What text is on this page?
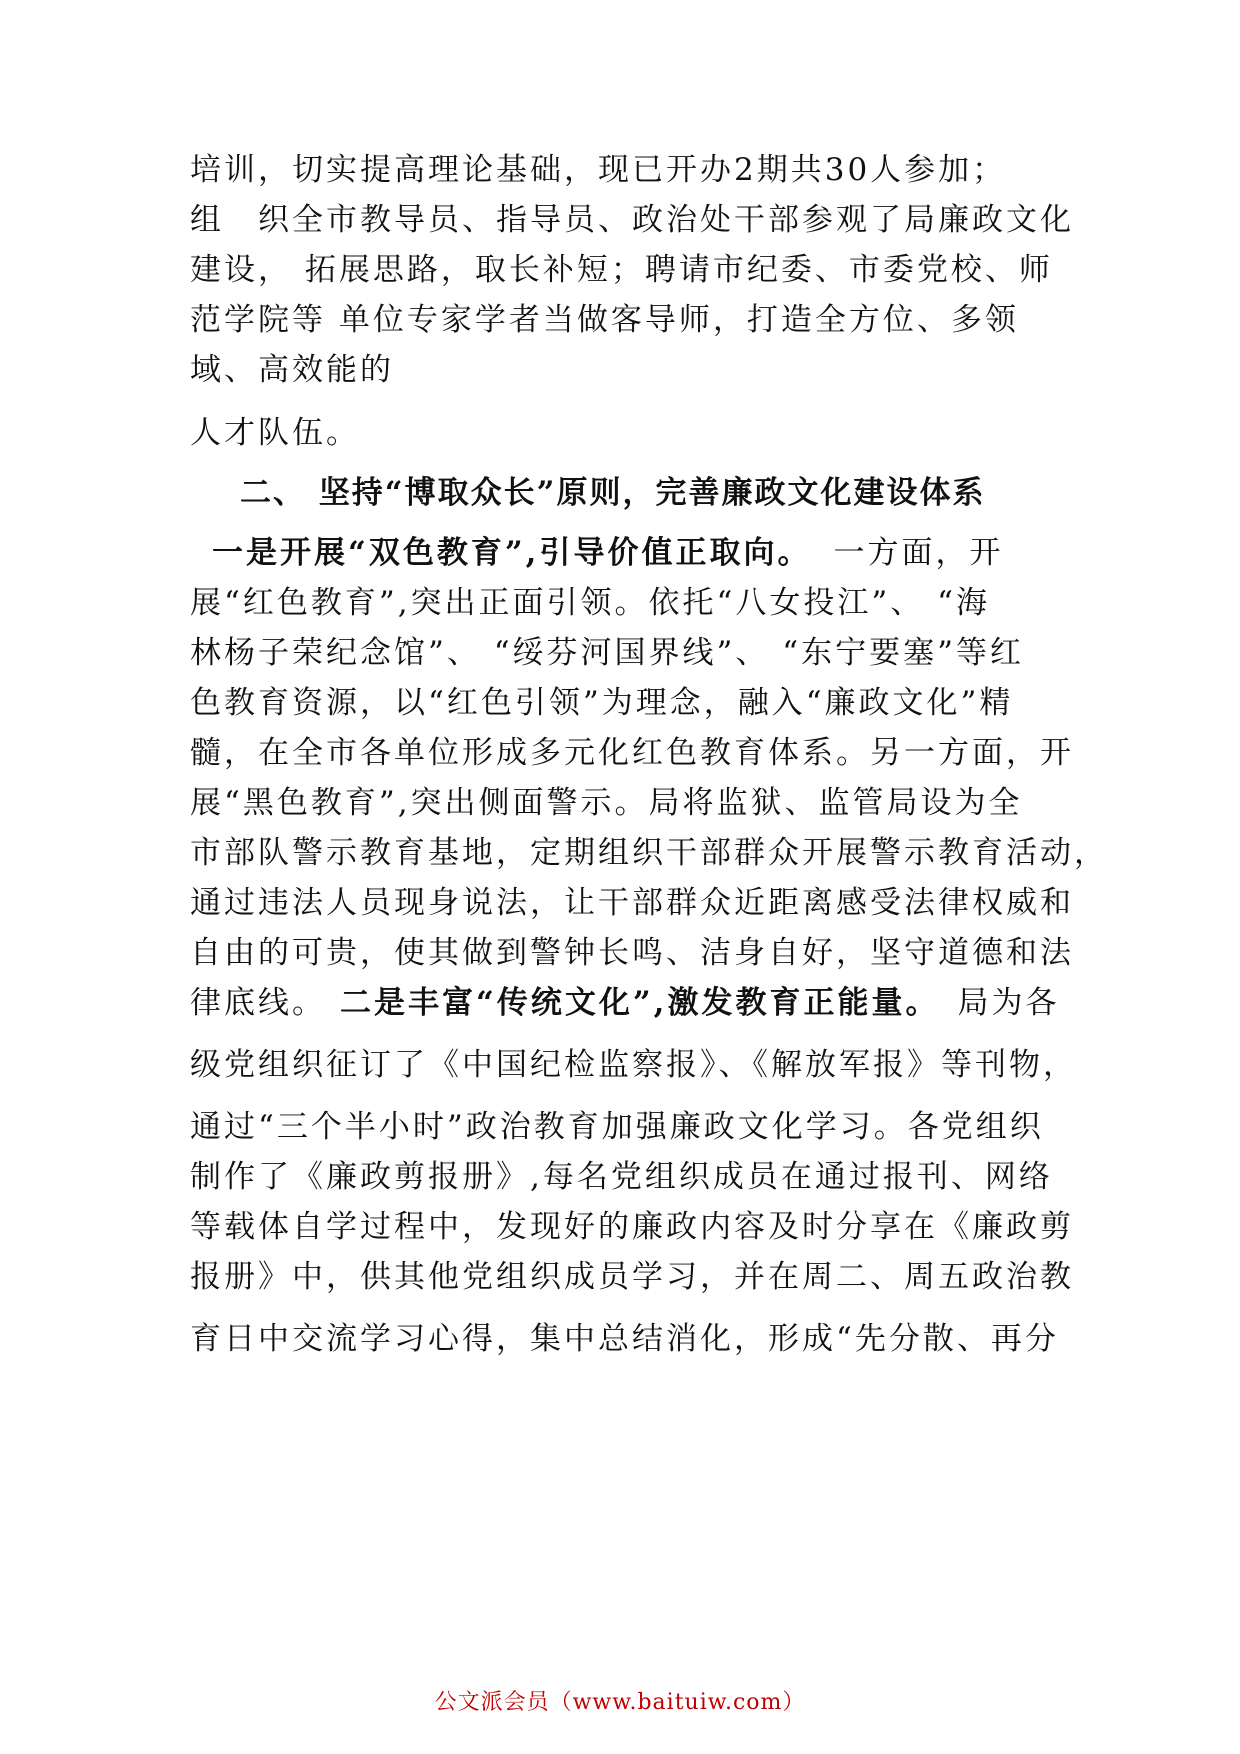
培训，切实提高理论基础，现已开办2期共30人参加；
组　织全市教导员、指导员、政治处干部参观了局廉政文化
建设， 拓展思路，取长补短；聘请市纪委、市委党校、师
范学院等 单位专家学者当做客导师，打造全方位、多领
域、高效能的
人才队伍。
二、 坚持“博取众长”原则，完善廉政文化建设体系
一是开展“双色教育”,引导价值正取向。 一方面，开
展“红色教育”,突出正面引领。依托“八女投江”、 “海
林杨子荣纪念馆”、 “绥芬河国界线”、 “东宁要塞”等红
色教育资源，以“红色引领”为理念，融入“廉政文化”精
髓，在全市各单位形成多元化红色教育体系。另一方面，开
展“黑色教育”,突出侧面警示。局将监狱、监管局设为全
市部队警示教育基地，定期组织干部群众开展警示教育活动，
通过违法人员现身说法，让干部群众近距离感受法律权威和
自由的可贵，使其做到警钟长鸣、洁身自好，坚守道德和法
律底线。 二是丰富“传统文化”,激发教育正能量。 局为各
级党组织征订了《中国纪检监察报》、《解放军报》等刊物，
通过“三个半小时”政治教育加强廉政文化学习。各党组织
制作了《廉政剪报册》,每名党组织成员在通过报刊、网络
等载体自学过程中，发现好的廉政内容及时分享在《廉政剪
报册》中，供其他党组织成员学习，并在周二、周五政治教
育日中交流学习心得，集中总结消化，形成“先分散、再分
公文派会员（www.baituiw.com）
